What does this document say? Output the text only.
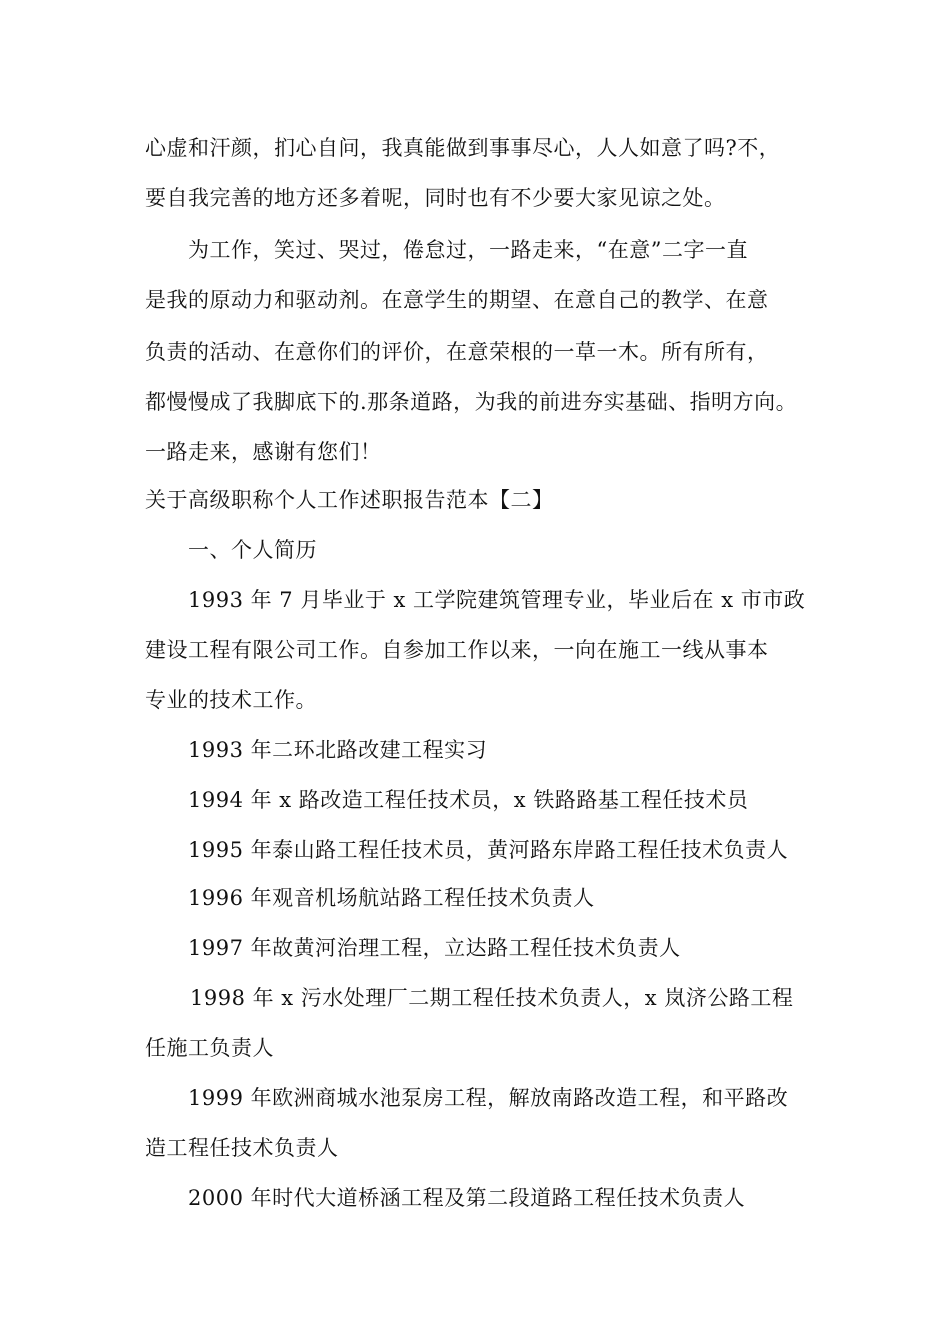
心虚和汗颜，扪心自问，我真能做到事事尽心，人人如意了吗?不，
要自我完善的地方还多着呢，同时也有不少要大家见谅之处。
为工作，笑过、哭过，倦怠过，一路走来，“在意”二字一直
是我的原动力和驱动剂。在意学生的期望、在意自己的教学、在意
负责的活动、在意你们的评价，在意荣根的一草一木。所有所有，
都慢慢成了我脚底下的.那条道路，为我的前进夯实基础、指明方向。
一路走来，感谢有您们！
关于高级职称个人工作述职报告范本【二】
一、个人简历
1993 年 7 月毕业于 x 工学院建筑管理专业，毕业后在 x 市市政
建设工程有限公司工作。自参加工作以来，一向在施工一线从事本
专业的技术工作。
1993 年二环北路改建工程实习
1994 年 x 路改造工程任技术员，x 铁路路基工程任技术员
1995 年泰山路工程任技术员，黄河路东岸路工程任技术负责人
1996 年观音机场航站路工程任技术负责人
1997 年故黄河治理工程，立达路工程任技术负责人
1998 年 x 污水处理厂二期工程任技术负责人，x 岚济公路工程
任施工负责人
1999 年欧洲商城水池泵房工程，解放南路改造工程，和平路改
造工程任技术负责人
2000 年时代大道桥涵工程及第二段道路工程任技术负责人
